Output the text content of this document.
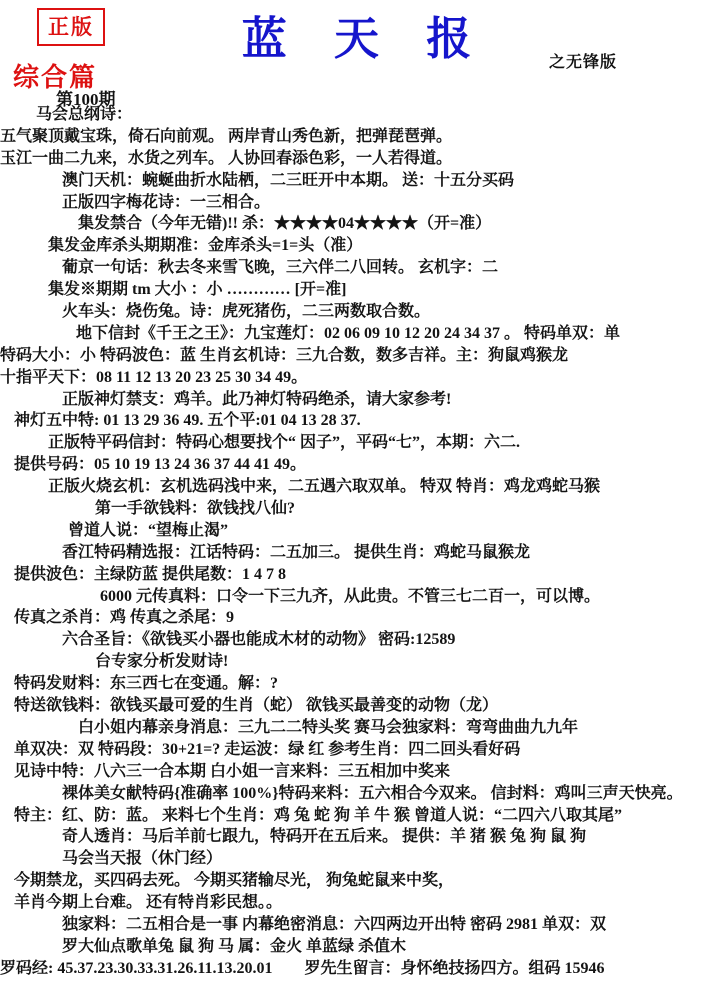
正版	蓝 天 报	之无锋版
综合篇
第100期
马会总纲诗：
五气聚顶戴宝珠，倚石向前观。 两岸青山秀色新，把弹琵琶弹。
玉江一曲二九来，水货之列车。 人协回春添色彩，一人若得道。
澳门天机：蜿蜒曲折水陆栖，二三旺开中本期。 送：十五分买码
正版四字梅花诗：一三相合。
集发禁合（今年无错)!! 杀：★★★★04★★★★（开=准）
集发金库杀头期期准：金库杀头=1=头（准）
葡京一句话：秋去冬来雪飞晚，三六伴二八回转。 玄机字：二
集发※期期 tm 大小 ：小 ………… [开=准]
火车头：烧伤兔。诗：虎死猪伤，二三两数取合数。
地下信封《千王之王》：九宝莲灯：02 06 09 10 12 20 24 34 37 。 特码单双：单
特码大小：小 特码波色：蓝 生肖玄机诗：三九合数，数多吉祥。主：狗鼠鸡猴龙
十指平天下：08 11 12 13 20 23 25 30 34 49。
正版神灯禁支：鸡羊。此乃神灯特码绝杀，请大家参考!
神灯五中特: 01 13 29 36 49. 五个平:01 04 13 28 37.
正版特平码信封：特码心想要找个“ 因子”，平码“七”，本期：六二.
提供号码：05 10 19 13 24 36 37 44 41 49。
正版火烧玄机：玄机选码浅中来，二五遇六取双单。 特双 特肖：鸡龙鸡蛇马猴
第一手欲钱料：欲钱找八仙?
曾道人说：“望梅止渴”
香江特码精选报：江话特码：二五加三。 提供生肖：鸡蛇马鼠猴龙
提供波色：主绿防蓝 提供尾数：1 4 7 8
6000 元传真料：口令一下三九齐，从此贵。不管三七二百一，可以博。
传真之杀肖：鸡 传真之杀尾：9
六合圣旨：《欲钱买小器也能成木材的动物》 密码:12589
台专家分析发财诗!
特码发财料：东三西七在变通。解：?
特送欲钱料：欲钱买最可爱的生肖（蛇） 欲钱买最善变的动物（龙）
白小姐内幕亲身消息：三九二二特头奖 赛马会独家料：弯弯曲曲九九年
单双决：双 特码段：30+21=? 走运波：绿 红 参考生肖：四二回头看好码
见诗中特：八六三一合本期 白小姐一言来料：三五相加中奖来
裸体美女献特码{准确率 100%}特码来料：五六相合今双来。 信封料：鸡叫三声天快亮。
特主：红、防：蓝。 来料七个生肖：鸡 兔 蛇 狗 羊 牛 猴 曾道人说：“二四六八取其尾”
奇人透肖：马后羊前七跟九，特码开在五后来。 提供：羊 猪 猴 兔 狗 鼠 狗
马会当天报（休门经）
今期禁龙，买四码去死。 今期买猪输尽光， 狗兔蛇鼠来中奖，
羊肖今期上台难。 还有特肖彩民想。。
独家料：二五相合是一事 内幕绝密消息：六四两边开出特 密码 2981 单双：双
罗大仙点歌单兔 鼠 狗 马 属：金火 单蓝绿 杀值木
罗码经: 45.37.23.30.33.31.26.11.13.20.01　　罗先生留言：身怀绝技扬四方。组码 15946
